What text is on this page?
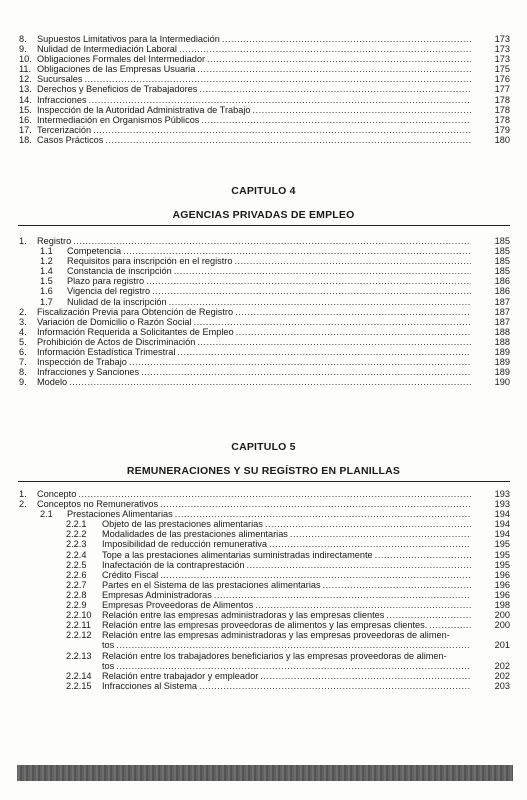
8. Supuestos Limitativos para la Intermediación .....	173
9. Nulidad de Intermediación Laboral .....	173
10. Obligaciones Formales del Intermediador .....	173
11. Obligaciones de las Empresas Usuaria .....	175
12. Sucursales .....	176
13. Derechos y Beneficios de Trabajadores .....	177
14. Infracciones .....	178
15. Inspección de la Autoridad Administrativa de Trabajo .....	178
16. Intermediación en Organismos Públicos .....	178
17. Tercerización .....	179
18. Casos Prácticos .....	180
CAPITULO 4
AGENCIAS PRIVADAS DE EMPLEO
1. Registro .....	185
1.1 Competencia .....	185
1.2 Requisitos para inscripción en el registro .....	185
1.4 Constancia de inscripción .....	185
1.5 Plazo para registro .....	186
1.6 Vigencia del registro .....	186
1.7 Nulidad de la inscripción .....	187
2. Fiscalización Previa para Obtención de Registro .....	187
3. Variación de Domicilio o Razón Social .....	187
4. Información Requerida a Solicitantes de Empleo .....	188
5. Prohibición de Actos de Discriminación .....	188
6. Información Estadística Trimestral .....	189
7. Inspección de Trabajo .....	189
8. Infracciones y Sanciones .....	189
9. Modelo .....	190
CAPITULO 5
REMUNERACIONES Y SU REGÍSTRO EN PLANILLAS
1. Concepto .....	193
2. Conceptos no Remunerativos .....	193
2.1 Prestaciones Alimentarias .....	194
2.2.1 Objeto de las prestaciones alimentarias .....	194
2.2.2 Modalidades de las prestaciones alimentarias .....	194
2.2.3 Imposibilidad de reducción remunerativa .....	195
2.2.4 Tope a las prestaciones alimentarias suministradas indirectamente .....	195
2.2.5 Inafectación de la contraprestación .....	195
2.2.6 Crédito Fiscal .....	196
2.2.7 Partes en el Sistema de las prestaciones alimentarias .....	196
2.2.8 Empresas Administradoras .....	196
2.2.9 Empresas Proveedoras de Alimentos .....	198
2.2.10 Relación entre las empresas administradoras y las empresas clientes .....	200
2.2.11 Relación entre las empresas proveedoras de alimentos y las empresas clientes. .....	200
2.2.12 Relación entre las empresas administradoras y las empresas proveedoras de alimen-
tos .....	201
2.2.13 Relación entre los trabajadores beneficiarios y las empresas proveedoras de alimen-
tos .....	202
2.2.14 Relación entre trabajador y empleador .....	202
2.2.15 Infracciones al Sistema .....	203
